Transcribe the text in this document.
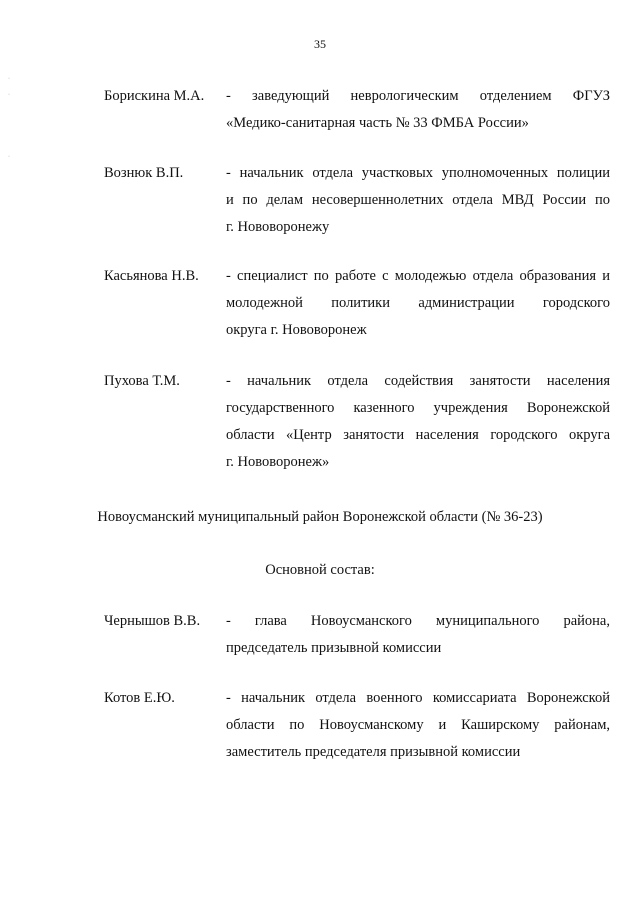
35
·
·
·
Борискина М.А.	- заведующий неврологическим отделением ФГУЗ
«Медико-санитарная часть № 33 ФМБА России»
Вознюк В.П.	- начальник отдела участковых уполномоченных полиции
и по делам несовершеннолетних отдела МВД России по
г. Нововоронежу
Касьянова Н.В.	- специалист по работе с молодежью отдела образования и
молодежной политики администрации городского
округа г. Нововоронеж
Пухова Т.М.	- начальник отдела содействия занятости населения
государственного казенного учреждения Воронежской
области «Центр занятости населения городского округа
г. Нововоронеж»
Новоусманский муниципальный район Воронежской области (№ 36-23)
Основной состав:
Чернышов В.В.	- глава Новоусманского муниципального района,
председатель призывной комиссии
Котов Е.Ю.	- начальник отдела военного комиссариата Воронежской
области по Новоусманскому и Каширскому районам,
заместитель председателя призывной комиссии
